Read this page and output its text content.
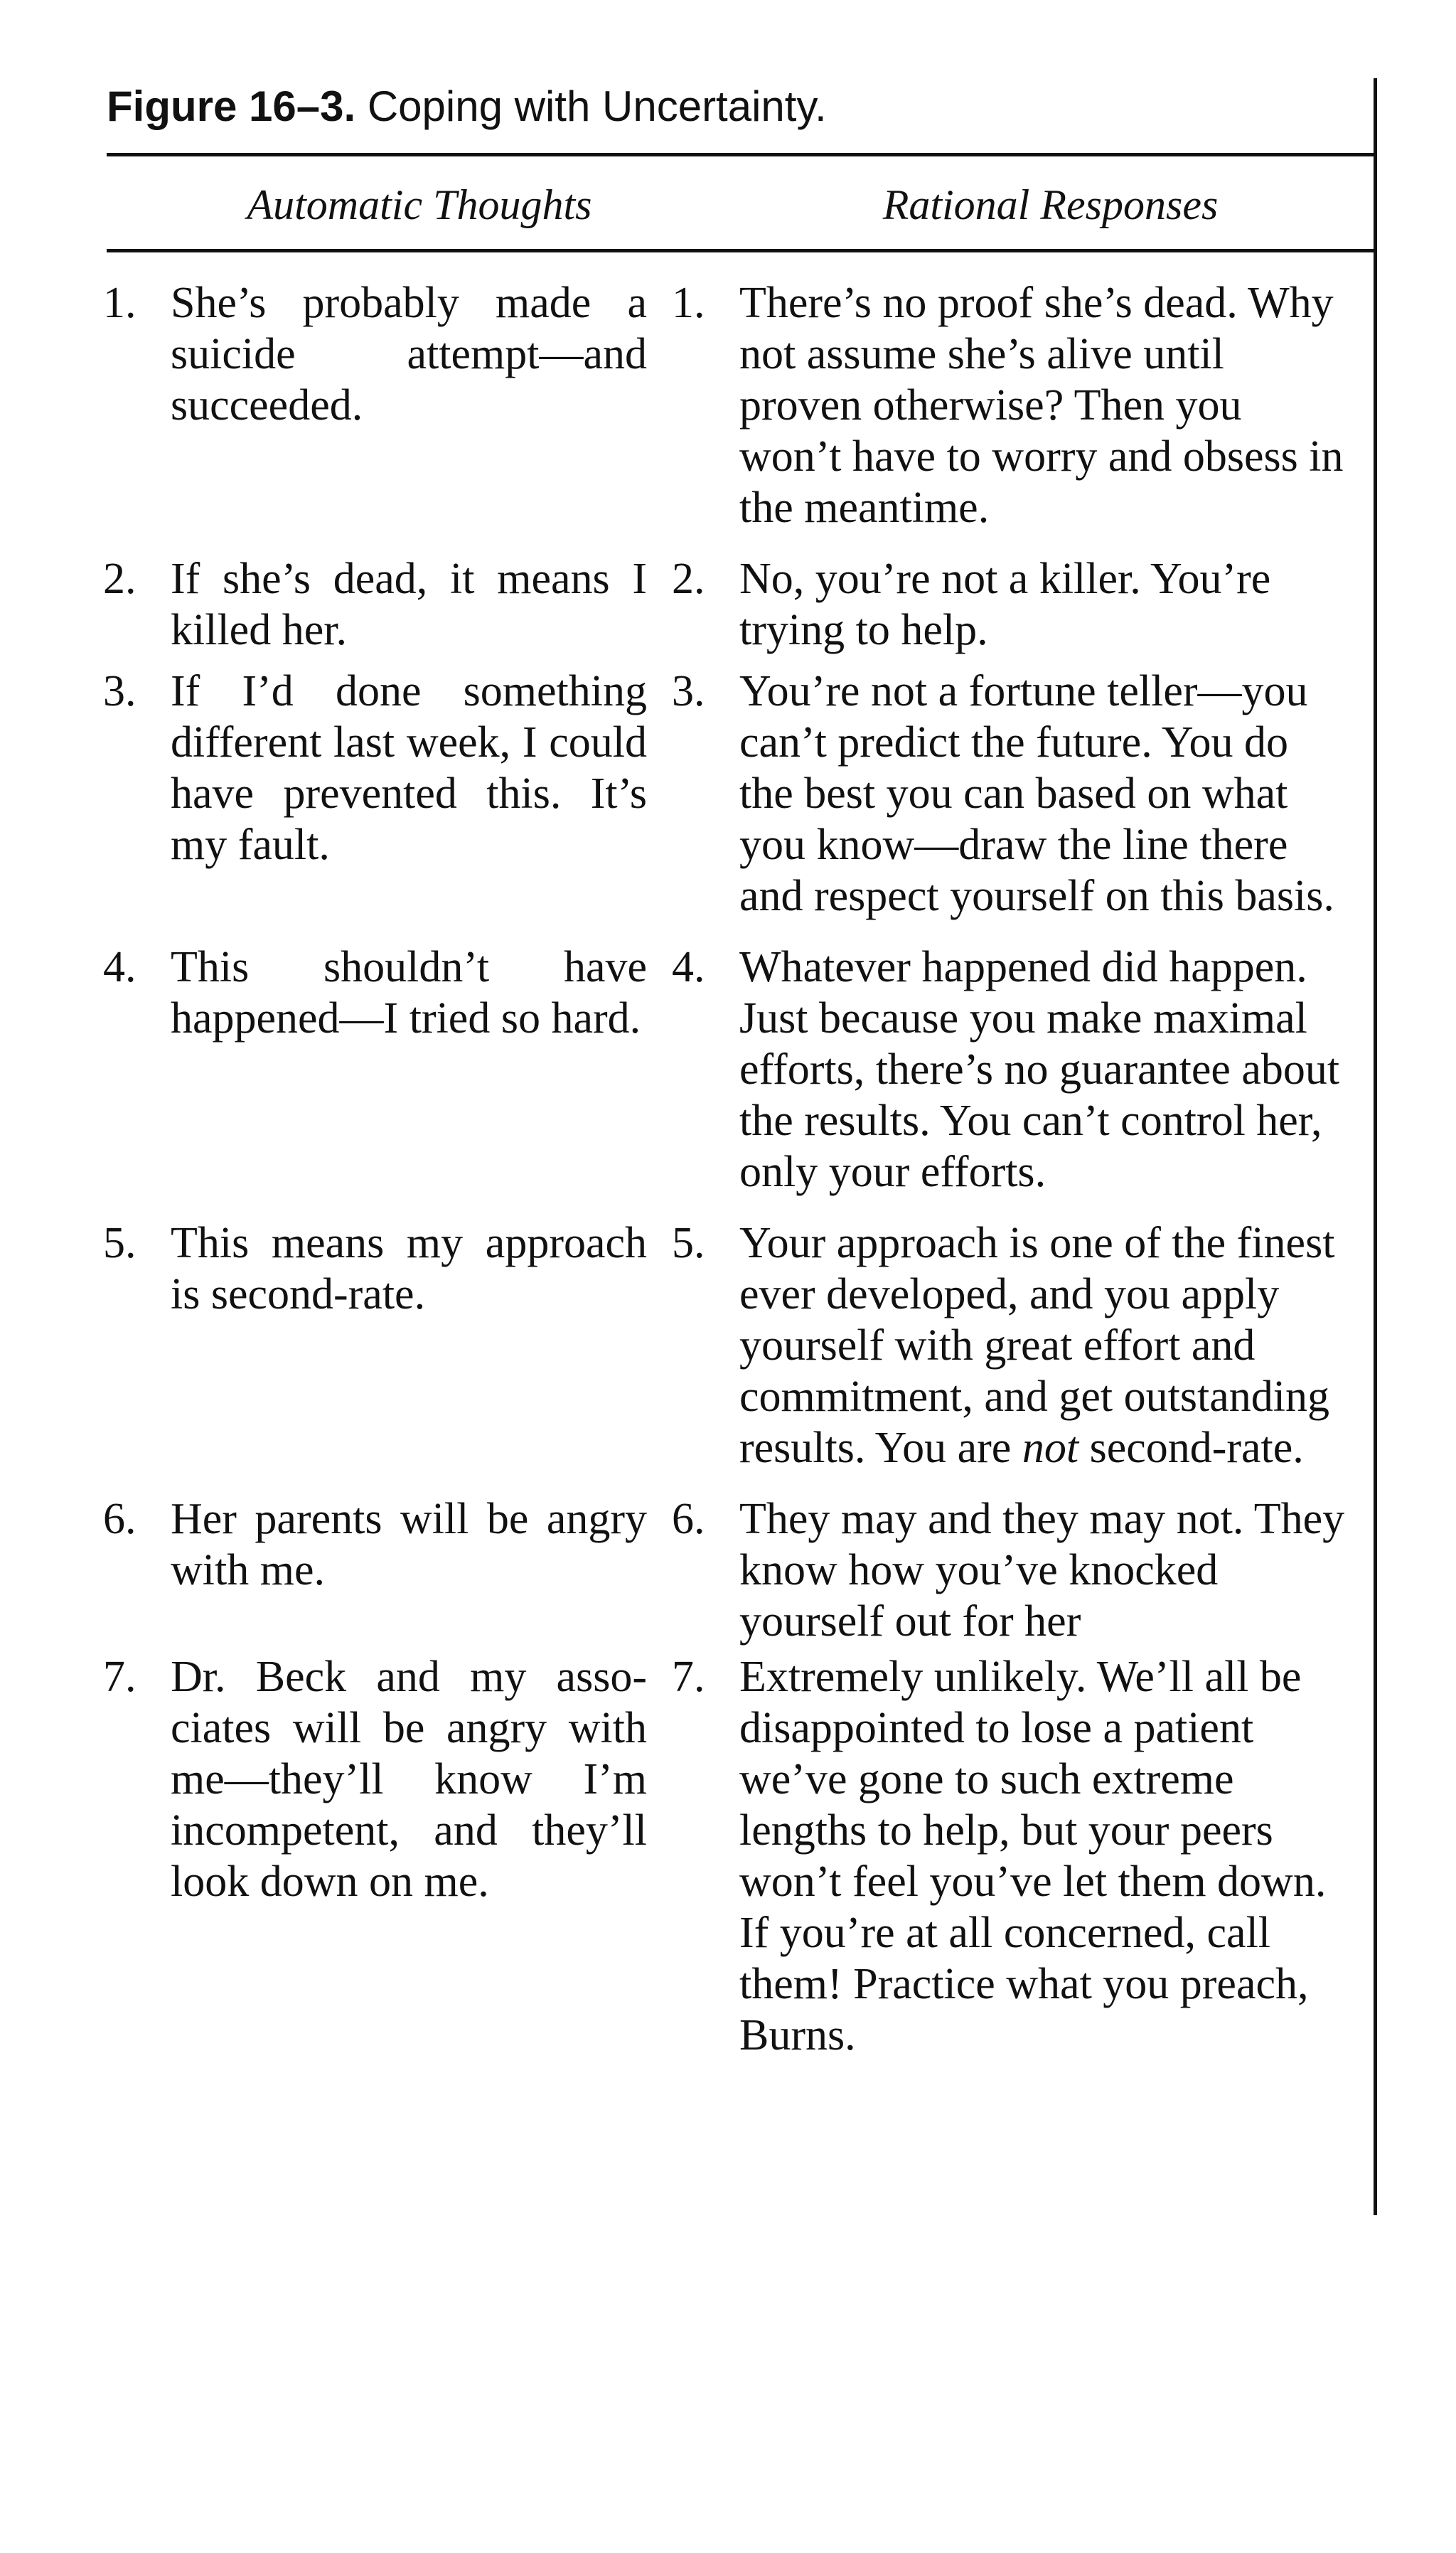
Figure 16–3. Coping with Uncertainty.
Automatic Thoughts	Rational Responses
1. She’s probably made a suicide attempt—and succeeded.
1. There’s no proof she’s dead. Why not assume she’s alive until proven otherwise? Then you won’t have to worry and obsess in the meantime.
2. If she’s dead, it means I killed her.
2. No, you’re not a killer. You’re trying to help.
3. If I’d done something different last week, I could have prevented this. It’s my fault.
3. You’re not a fortune teller—you can’t predict the future. You do the best you can based on what you know—draw the line there and respect yourself on this basis.
4. This shouldn’t have happened—I tried so hard.
4. Whatever happened did happen. Just because you make maximal efforts, there’s no guarantee about the results. You can’t control her, only your efforts.
5. This means my approach is second-rate.
5. Your approach is one of the finest ever developed, and you apply yourself with great effort and commitment, and get outstanding results. You are not second-rate.
6. Her parents will be angry with me.
6. They may and they may not. They know how you’ve knocked yourself out for her
7. Dr. Beck and my associates will be angry with me—they’ll know I’m incompetent, and they’ll look down on me.
7. Extremely unlikely. We’ll all be disappointed to lose a patient we’ve gone to such extreme lengths to help, but your peers won’t feel you’ve let them down. If you’re at all concerned, call them! Practice what you preach, Burns.
